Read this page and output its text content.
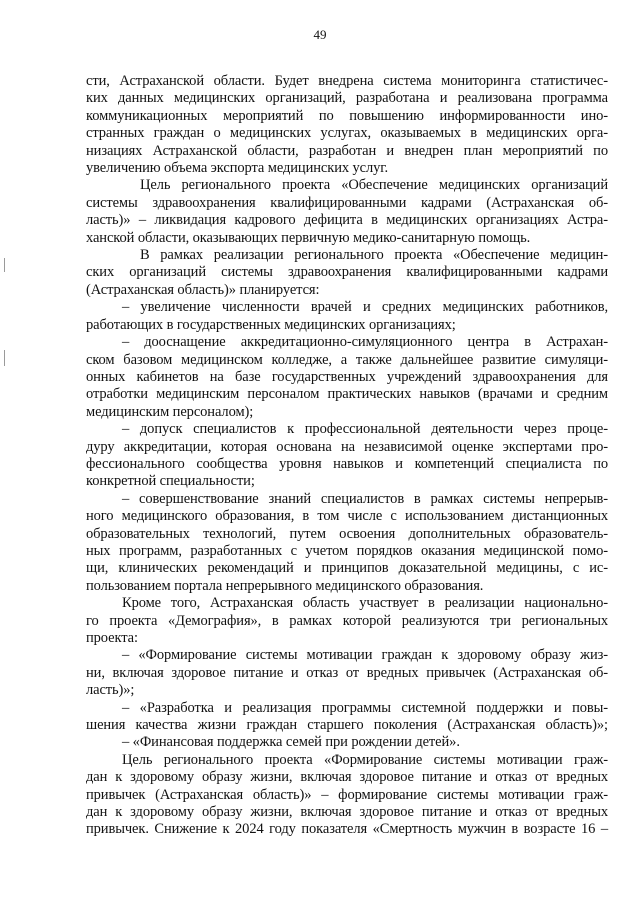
49

сти, Астраханской области. Будет внедрена система мониторинга статистичес-

ких данных медицинских организаций, разработана и реализована программа

коммуникационных мероприятий по повышению информированности ино-

странных граждан о медицинских услугах, оказываемых в медицинских орга-

низациях Астраханской области, разработан и внедрен план мероприятий по

увеличению объема экспорта медицинских услуг.

Цель регионального проекта «Обеспечение медицинских организаций

системы здравоохранения квалифицированными кадрами (Астраханская об-

ласть)» – ликвидация кадрового дефицита в медицинских организациях Астра-

ханской области, оказывающих первичную медико-санитарную помощь.

В рамках реализации регионального проекта «Обеспечение медицин-

ских организаций системы здравоохранения квалифицированными кадрами

(Астраханская область)» планируется:

– увеличение численности врачей и средних медицинских работников,

работающих в государственных медицинских организациях;

– дооснащение аккредитационно-симуляционного центра в Астрахан-

ском базовом медицинском колледже, а также дальнейшее развитие симуляци-

онных кабинетов на базе государственных учреждений здравоохранения для

отработки медицинским персоналом практических навыков (врачами и средним

медицинским персоналом);

– допуск специалистов к профессиональной деятельности через проце-

дуру аккредитации, которая основана на независимой оценке экспертами про-

фессионального сообщества уровня навыков и компетенций специалиста по

конкретной специальности;

– совершенствование знаний специалистов в рамках системы непрерыв-

ного медицинского образования, в том числе с использованием дистанционных

образовательных технологий, путем освоения дополнительных образователь-

ных программ, разработанных с учетом порядков оказания медицинской помо-

щи, клинических рекомендаций и принципов доказательной медицины, с ис-

пользованием портала непрерывного медицинского образования.

Кроме того, Астраханская область участвует в реализации национально-

го проекта «Демография», в рамках которой реализуются три региональных

проекта:

– «Формирование системы мотивации граждан к здоровому образу жиз-

ни, включая здоровое питание и отказ от вредных привычек (Астраханская об-

ласть)»;

– «Разработка и реализация программы системной поддержки и повы-

шения качества жизни граждан старшего поколения (Астраханская область)»;

– «Финансовая поддержка семей при рождении детей».

Цель регионального проекта «Формирование системы мотивации граж-

дан к здоровому образу жизни, включая здоровое питание и отказ от вредных

привычек (Астраханская область)» – формирование системы мотивации граж-

дан к здоровому образу жизни, включая здоровое питание и отказ от вредных

привычек. Снижение к 2024 году показателя «Смертность мужчин в возрасте 16 –
